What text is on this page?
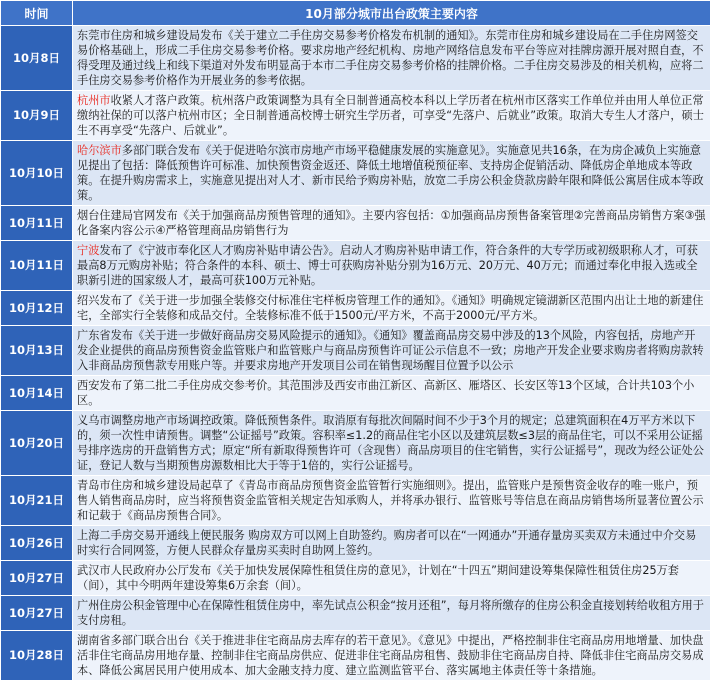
时间	10月部分城市出台政策主要内容
10月8日	东莞市住房和城乡建设局发布《关于建立二手住房交易参考价格发布机制的通知》。东莞市住房和城乡建设局在二手住房网签交易价格基础上，形成二手住房交易参考价格。要求房地产经纪机构、房地产网络信息发布平台等应对挂牌房源开展对照自查，不得受理及通过线上和线下渠道对外发布明显高于本市二手住房交易参考价格的挂牌价格。二手住房交易涉及的相关机构，应将二手住房交易参考价格作为开展业务的参考依据。

10月9日	杭州市收紧人才落户政策。杭州落户政策调整为具有全日制普通高校本科以上学历者在杭州市区落实工作单位并由用人单位正常缴纳社保的可以落户杭州市区；全日制普通高校博士研究生学历者，可享受“先落户、后就业”政策。取消大专生人才落户，硕士生不再享受“先落户、后就业”。

10月10日	哈尔滨市多部门联合发布《关于促进哈尔滨市房地产市场平稳健康发展的实施意见》。实施意见共16条，在为房企减负上实施意见提出了包括：降低预售许可标准、加快预售资金返还、降低土地增值税预征率、支持房企促销活动、降低房企单地成本等政策。在提升购房需求上，实施意见提出对人才、新市民给予购房补贴，放宽二手房公积金贷款房龄年限和降低公寓居住成本等政策。

10月11日	烟台住建局官网发布《关于加强商品房预售管理的通知》。主要内容包括：①加强商品房预售备案管理②完善商品房销售方案③强化备案内容公示④严格管理商品房销售行为

10月11日	宁波发布了《宁波市奉化区人才购房补贴申请公告》。启动人才购房补贴申请工作，符合条件的大专学历或初级职称人才，可获最高8万元购房补贴；符合条件的本科、硕士、博士可获购房补贴分别为16万元、20万元、40万元；而通过奉化申报入选或全职新引进的国家级人才，最高可获100万元补贴。

10月12日	绍兴发布了《关于进一步加强全装修交付标准住宅样板房管理工作的通知》。《通知》明确规定镜湖新区范围内出让土地的新建住宅，全部实行全装修和成品交付。全装修标准不低于1500元/平方米，不高于2000元/平方米。

10月13日	广东省发布《关于进一步做好商品房交易风险提示的通知》。《通知》覆盖商品房交易中涉及的13个风险，内容包括，房地产开发企业提供的商品房预售资金监管账户和监管账户与商品房预售许可证公示信息不一致；房地产开发企业要求购房者将购房款转入非商品房预售款专用账户等。并要求房地产开发项目公司在销售现场醒目位置予以公示

10月14日	西安发布了第二批二手住房成交参考价。其范围涉及西安市曲江新区、高新区、雁塔区、长安区等13个区域，合计共103个小区。

10月20日	义乌市调整房地产市场调控政策。降低预售条件。取消原有每批次间隔时间不少于3个月的规定；总建筑面积在4万平方米以下的，须一次性申请预售。调整“公证摇号”政策。容积率≤1.2的商品住宅小区以及建筑层数≤3层的商品住宅，可以不采用公证摇号排序选房的开盘销售方式；原定“所有新取得预售许可（含现售）商品房项目的住宅销售，实行公证摇号”，现改为经公证处公证，登记人数与当期预售房源数相比大于等于1倍的，实行公证摇号。

10月21日	青岛市住房和城乡建设局起草了《青岛市商品房预售资金监管暂行实施细则》。提出，监管账户是预售资金收存的唯一账户，预售人销售商品房时，应当将预售资金监管相关规定告知承购人，并将承办银行、监管账号等信息在商品房销售场所显著位置公示和记载于《商品房预售合同》。

10月26日	上海二手房交易开通线上便民服务 购房双方可以网上自助签约。购房者可以在“一网通办”开通存量房买卖双方未通过中介交易时实行合同网签，方便人民群众存量房买卖时自助网上签约。

10月27日	武汉市人民政府办公厅发布《关于加快发展保障性租赁住房的意见》，计划在“十四五”期间建设筹集保障性租赁住房25万套（间），其中今明两年建设筹集6万余套（间）。

10月27日	广州住房公积金管理中心在保障性租赁住房中，率先试点公积金“按月还租”，每月将所缴存的住房公积金直接划转给收租方用于支付房租。

10月28日	湖南省多部门联合出台《关于推进非住宅商品房去库存的若干意见》。《意见》中提出，严格控制非住宅商品房用地增量、加快盘活非住宅商品房用地存量、控制非住宅商品房供应、促进非住宅商品房租售、鼓励非住宅商品房自持、降低非住宅商品房交易成本、降低公寓居民用户使用成本、加大金融支持力度、建立监测监管平台、落实属地主体责任等十条措施。
